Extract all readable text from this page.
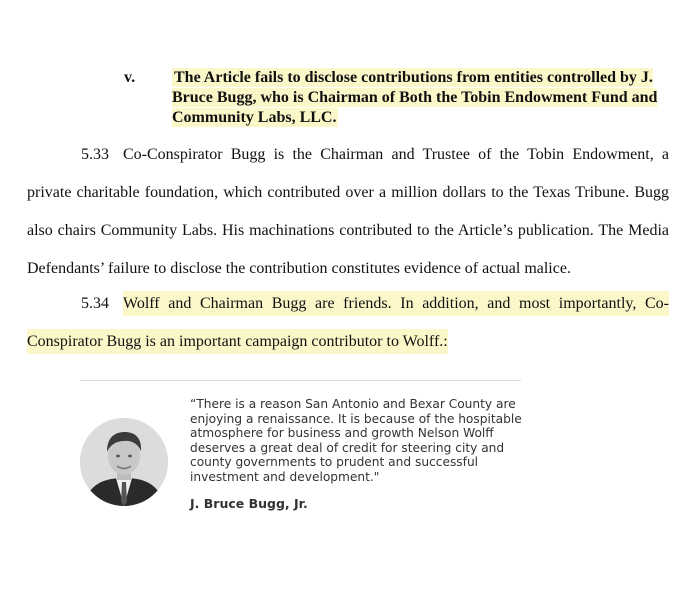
v. The Article fails to disclose contributions from entities controlled by J. Bruce Bugg, who is Chairman of Both the Tobin Endowment Fund and Community Labs, LLC.

5.33 Co-Conspirator Bugg is the Chairman and Trustee of the Tobin Endowment, a private charitable foundation, which contributed over a million dollars to the Texas Tribune. Bugg also chairs Community Labs. His machinations contributed to the Article’s publication. The Media Defendants’ failure to disclose the contribution constitutes evidence of actual malice.

5.34 Wolff and Chairman Bugg are friends. In addition, and most importantly, Co-Conspirator Bugg is an important campaign contributor to Wolff.:

“There is a reason San Antonio and Bexar County are enjoying a renaissance. It is because of the hospitable atmosphere for business and growth Nelson Wolff deserves a great deal of credit for steering city and county governments to prudent and successful investment and development."
J. Bruce Bugg, Jr.
